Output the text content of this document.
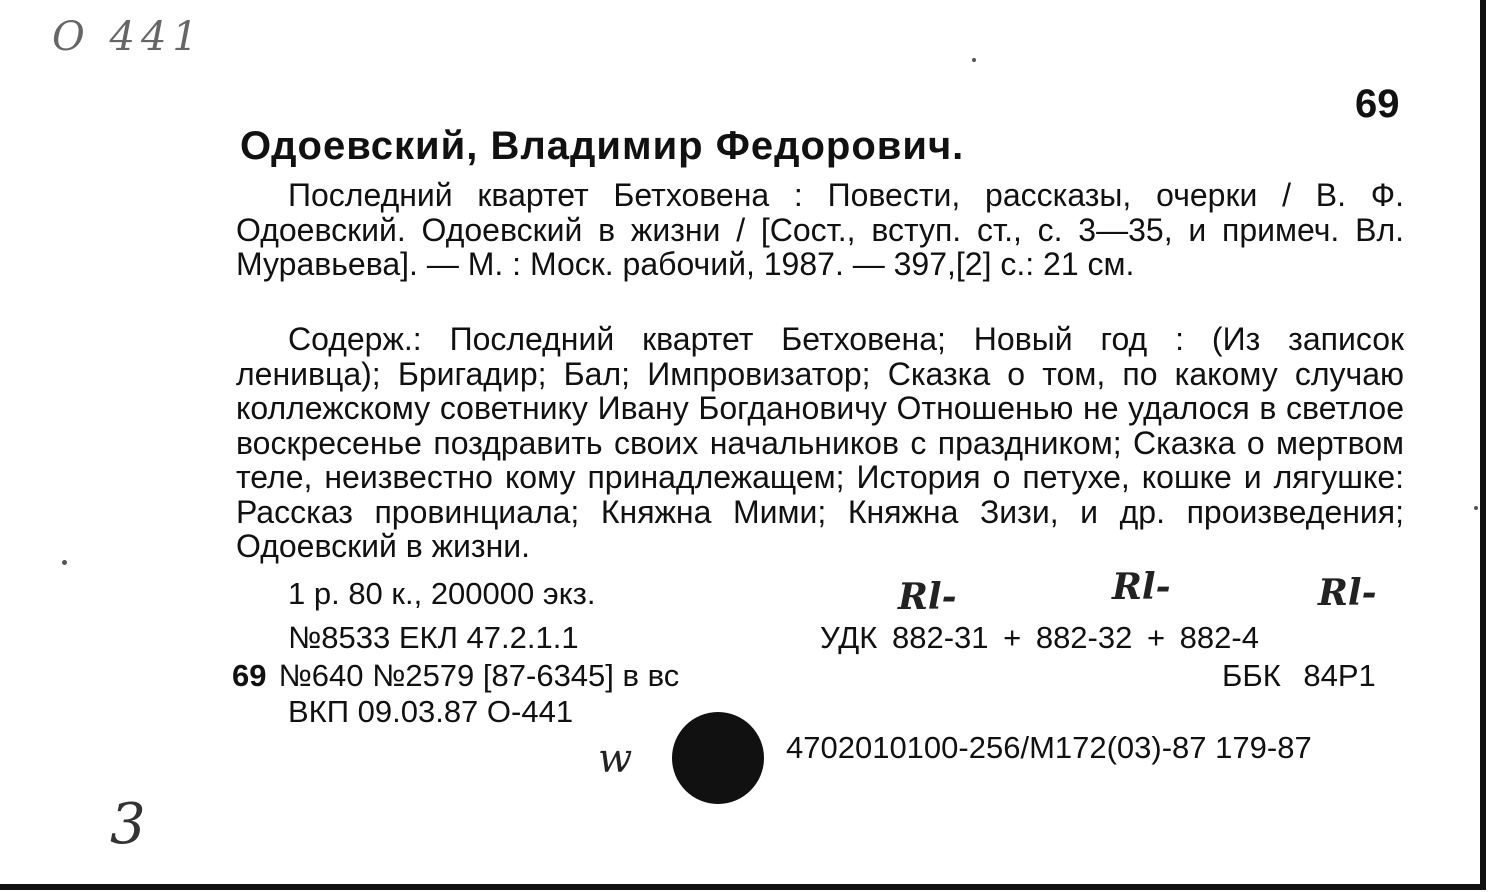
О 441
69
Одоевский, Владимир Федорович.

Последний квартет Бетховена : Повести, рассказы, очерки / В. Ф. Одоевский. Одоевский в жизни / [Сост., вступ. ст., с. 3—35, и примеч. Вл. Муравьева]. — М. : Моск. рабочий, 1987. — 397,[2] с.: 21 см.

Содерж.: Последний квартет Бетховена; Новый год : (Из записок ленивца); Бригадир; Бал; Импровизатор; Сказка о том, по какому случаю коллежскому советнику Ивану Богдановичу Отношенью не удалося в светлое воскресенье поздравить своих начальников с праздником; Сказка о мертвом теле, неизвестно кому принадлежащем; История о петухе, кошке и лягушке: Рассказ провинциала; Княжна Мими; Княжна Зизи, и др. произведения; Одоевский в жизни.

1 р. 80 к., 200000 экз.	Rl-	Rl-	Rl-
№8533 ЕКЛ 47.2.1.1	УДК 882-31 + 882-32 + 882-4
69 №640 №2579 [87-6345] в вс	ББК 84Р1
ВКП 09.03.87 О-441
w	4702010100-256/М172(03)-87 179-87
3
